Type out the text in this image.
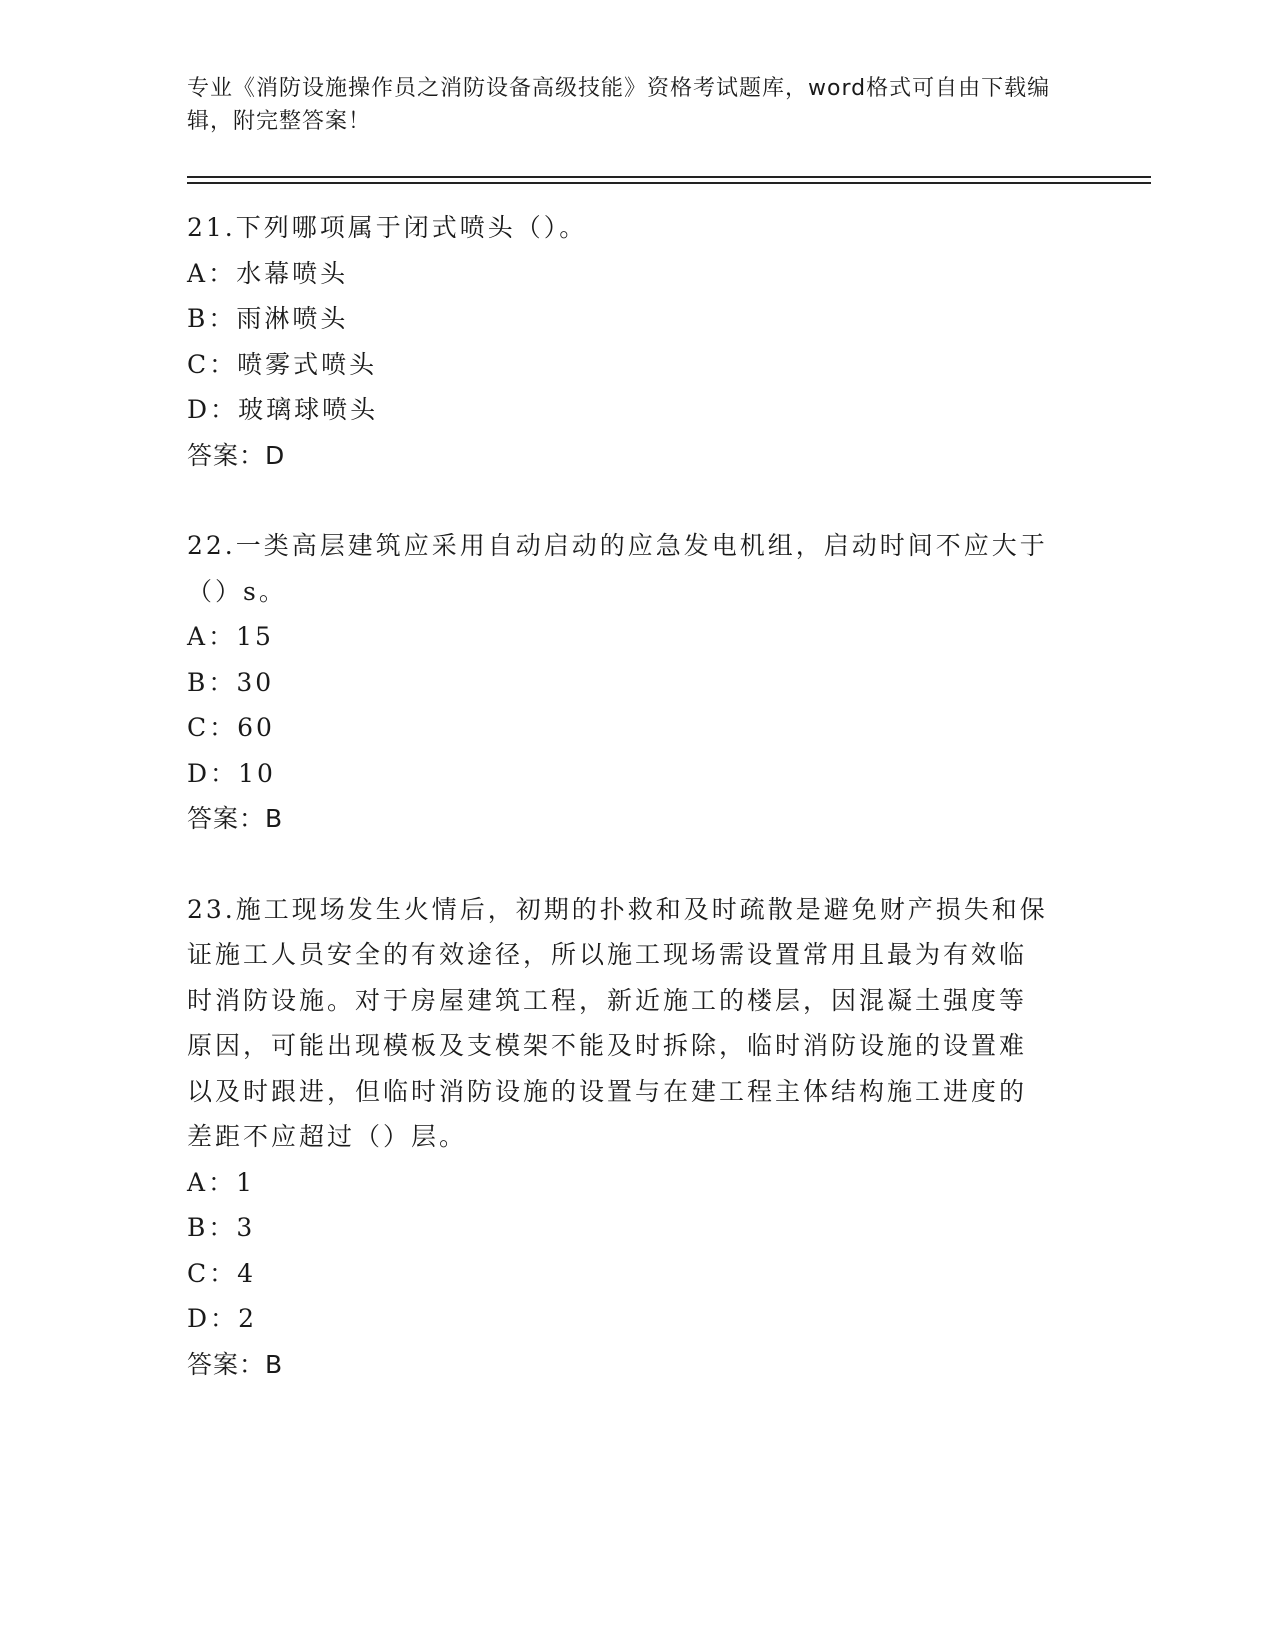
专业《消防设施操作员之消防设备高级技能》资格考试题库，word格式可自由下载编辑，附完整答案！
21.下列哪项属于闭式喷头（）。
A：水幕喷头
B：雨淋喷头
C：喷雾式喷头
D：玻璃球喷头
答案：D
22.一类高层建筑应采用自动启动的应急发电机组，启动时间不应大于
（）s。
A：15
B：30
C：60
D：10
答案：B
23.施工现场发生火情后，初期的扑救和及时疏散是避免财产损失和保
证施工人员安全的有效途径，所以施工现场需设置常用且最为有效临
时消防设施。对于房屋建筑工程，新近施工的楼层，因混凝土强度等
原因，可能出现模板及支模架不能及时拆除，临时消防设施的设置难
以及时跟进，但临时消防设施的设置与在建工程主体结构施工进度的
差距不应超过（）层。
A：1
B：3
C：4
D：2
答案：B
